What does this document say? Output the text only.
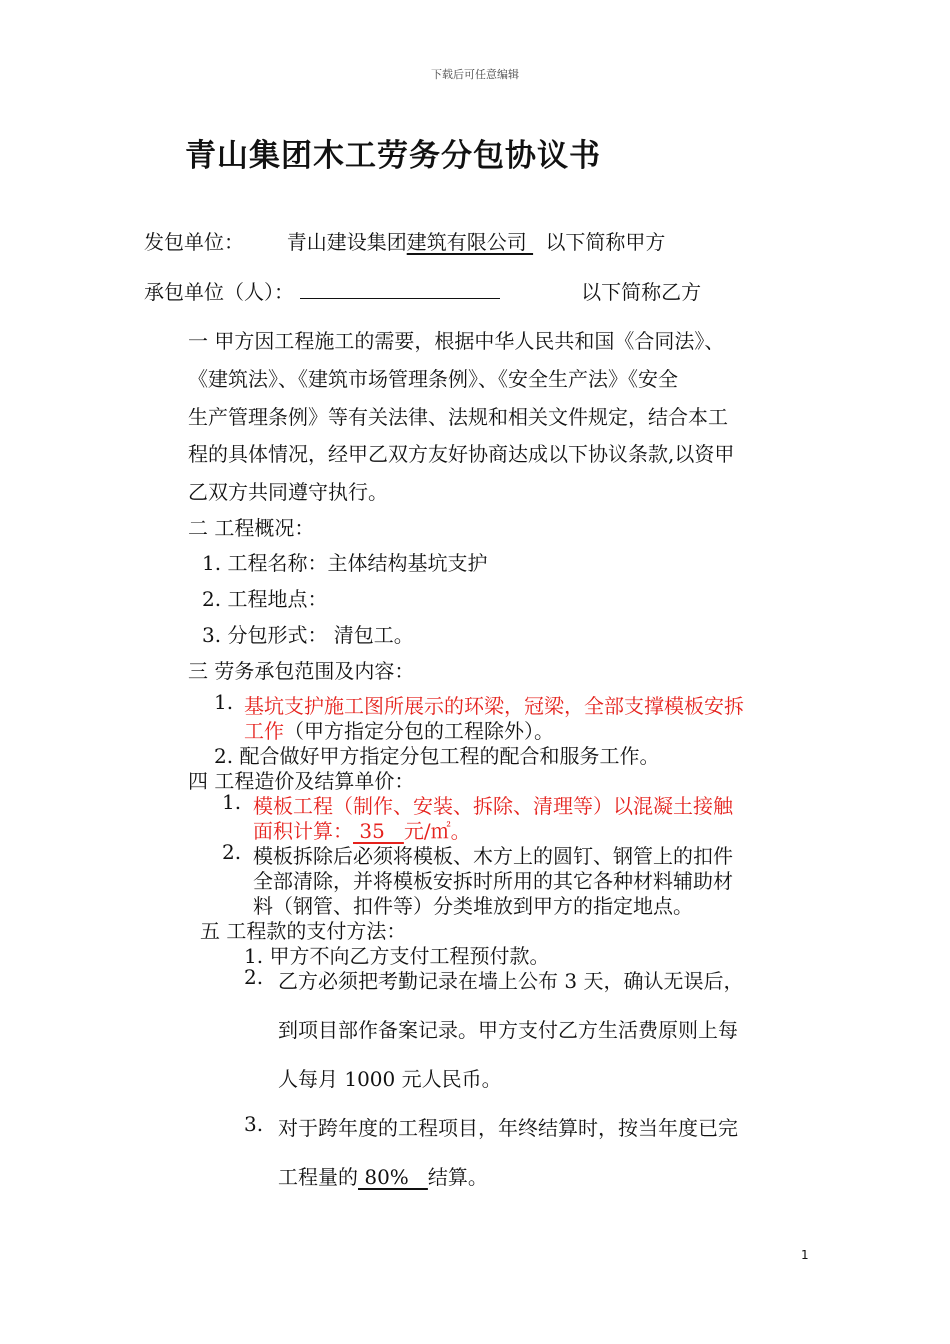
下载后可任意编辑
青山集团木工劳务分包协议书
发包单位： 青山建设集团建筑有限公司  以下简称甲方
承包单位（人）：	以下简称乙方
一 甲方因工程施工的需要，根据中华人民共和国《合同法》、
《建筑法》、《建筑市场管理条例》、《安全生产法》《安全
生产管理条例》等有关法律、法规和相关文件规定，结合本工
程的具体情况，经甲乙双方友好协商达成以下协议条款,以资甲
乙双方共同遵守执行。
二 工程概况：
1. 工程名称：主体结构基坑支护
2. 工程地点：
3. 分包形式： 清包工。
三 劳务承包范围及内容：
1. 基坑支护施工图所展示的环梁，冠梁，全部支撑模板安拆
工作（甲方指定分包的工程除外）。
2. 配合做好甲方指定分包工程的配合和服务工作。
四 工程造价及结算单价：
1. 模板工程（制作、安装、拆除、清理等）以混凝土接触
面积计算： 35   元/㎡。
2. 模板拆除后必须将模板、木方上的圆钉、钢管上的扣件
全部清除，并将模板安拆时所用的其它各种材料辅助材
料（钢管、扣件等）分类堆放到甲方的指定地点。
五 工程款的支付方法：
1. 甲方不向乙方支付工程预付款。
2. 乙方必须把考勤记录在墙上公布 3 天，确认无误后，
到项目部作备案记录。甲方支付乙方生活费原则上每
人每月 1000 元人民币。
3. 对于跨年度的工程项目，年终结算时，按当年度已完
工程量的 80%   结算。
1
